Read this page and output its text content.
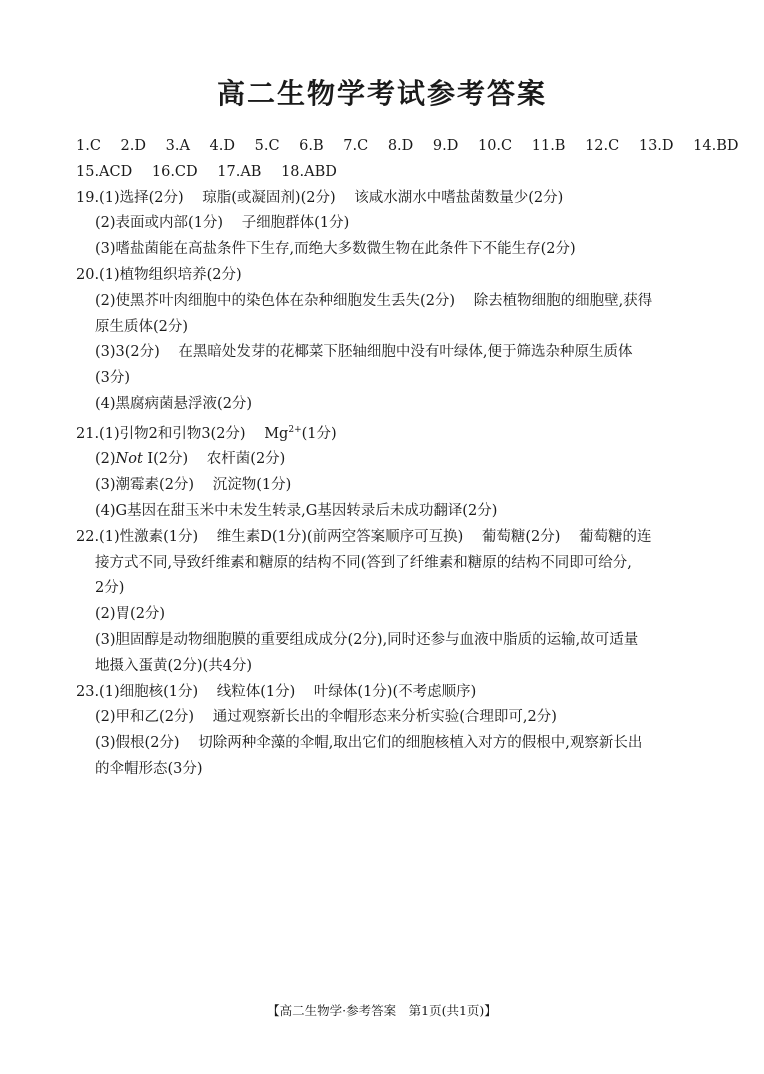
高二生物学考试参考答案
1.C 2.D 3.A 4.D 5.C 6.B 7.C 8.D 9.D 10.C 11.B 12.C 13.D 14.BD
15.ACD 16.CD 17.AB 18.ABD
19.(1)选择(2分) 琼脂(或凝固剂)(2分) 该咸水湖水中嗜盐菌数量少(2分)
(2)表面或内部(1分) 子细胞群体(1分)
(3)嗜盐菌能在高盐条件下生存,而绝大多数微生物在此条件下不能生存(2分)
20.(1)植物组织培养(2分)
(2)使黑芥叶肉细胞中的染色体在杂种细胞发生丢失(2分) 除去植物细胞的细胞壁,获得
原生质体(2分)
(3)3(2分) 在黑暗处发芽的花椰菜下胚轴细胞中没有叶绿体,便于筛选杂种原生质体
(3分)
(4)黑腐病菌悬浮液(2分)
21.(1)引物2和引物3(2分) $Mg^{2+}(1$分)
(2)Not Ⅰ(2分) 农杆菌(2分)
(3)潮霉素(2分) 沉淀物(1分)
(4)G基因在甜玉米中未发生转录,G基因转录后未成功翻译(2分)
22.(1)性激素(1分) 维生素D(1分)(前两空答案顺序可互换) 葡萄糖(2分) 葡萄糖的连
接方式不同,导致纤维素和糖原的结构不同(答到了纤维素和糖原的结构不同即可给分,
2分)
(2)胃(2分)
(3)胆固醇是动物细胞膜的重要组成成分(2分),同时还参与血液中脂质的运输,故可适量
地摄入蛋黄(2分)(共4分)
23.(1)细胞核(1分) 线粒体(1分) 叶绿体(1分)(不考虑顺序)
(2)甲和乙(2分) 通过观察新长出的伞帽形态来分析实验(合理即可,2分)
(3)假根(2分) 切除两种伞藻的伞帽,取出它们的细胞核植入对方的假根中,观察新长出
的伞帽形态(3分)
【高二生物学·参考答案　第1页(共1页)】
